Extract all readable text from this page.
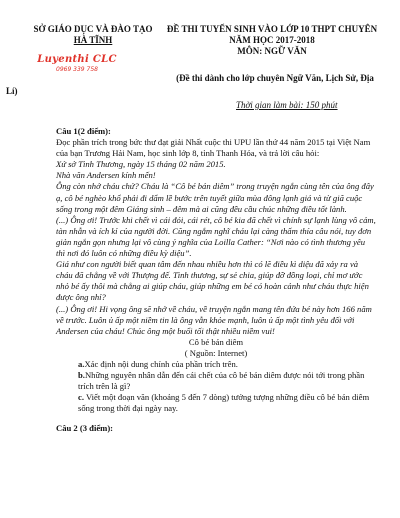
SỞ GIÁO DỤC VÀ ĐÀO TẠO
HÀ TĨNH
ĐỀ THI TUYỂN SINH VÀO LỚP 10 THPT CHUYÊN
NĂM HỌC 2017-2018
MÔN: NGỮ VĂN
Luyenthi CLC
0969 339 758
(Đề thi dành cho lớp chuyên Ngữ Văn, Lịch Sử, Địa
Lí)
Thời gian làm bài: 150 phút

Câu 1(2 điểm):

Đọc phần trích trong bức thư đạt giải Nhất cuộc thi UPU lần thứ 44 năm 2015 tại Việt Nam của bạn Trương Hải Nam, học sinh lớp 8, tỉnh Thanh Hóa, và trả lời câu hỏi:

Xứ sở Tình Thương, ngày 15 tháng 02 năm 2015.

Nhà văn Andersen kính mến!

Ông còn nhớ cháu chứ? Cháu là “Cô bé bán diêm” trong truyện ngắn cùng tên của ông đây ạ, cô bé nghèo khổ phải đi dẩm lề bước trên tuyết giữa mùa đông lạnh giá và từ giã cuộc sống trong một đêm Giáng sinh – đêm mà ai cũng đều cầu chúc những điều tốt lành.

(...) Ông ơi! Trước khi chết vì cái đói, cái rét, cô bé kia đã chết vì chính sự lạnh lùng vô cảm, tàn nhẫn và ích kỉ của người đời. Cũng ngắm nghĩ cháu lại càng thấm thía câu nói, tuy đơn giản ngắn gọn nhưng lại vô cùng ý nghĩa của Loilla Cather: “Nơi nào có tình thương yêu thì nơi đó luôn có những điều kỳ diệu”.

Giá như con người biết quan tâm đến nhau nhiều hơn thì có lẽ điều kì diệu đã xảy ra và cháu đã chẳng về với Thượng đế. Tình thương, sự sẻ chia, giúp đỡ đồng loại, chỉ mơ ước nhỏ bé ấy thôi mà chẳng ai giúp cháu, giúp những em bé có hoàn cảnh như cháu thực hiện được ông nhỉ?

(...) Ông ơi! Hi vọng ông sẽ nhớ về cháu, về truyện ngắn mang tên đứa bé này hơn 166 năm về trước. Luôn ủ ấp một niềm tin là ông vẫn khỏe mạnh, luôn ủ ấp một tình yêu đối với Andersen của cháu! Chúc ông một buổi tối thật nhiều niềm vui!

Cô bé bán diêm

( Nguồn: Internet)

a.Xác định nội dung chính của phần trích trên.

b.Những nguyên nhân dẫn đến cái chết của cô bé bán diêm được nói tới trong phần trích trên là gì?

c. Viết một đoạn văn (khoảng 5 đến 7 dòng) tưởng tượng những điều cô bé bán diêm sống trong thời đại ngày nay.

Câu 2 (3 điểm):
